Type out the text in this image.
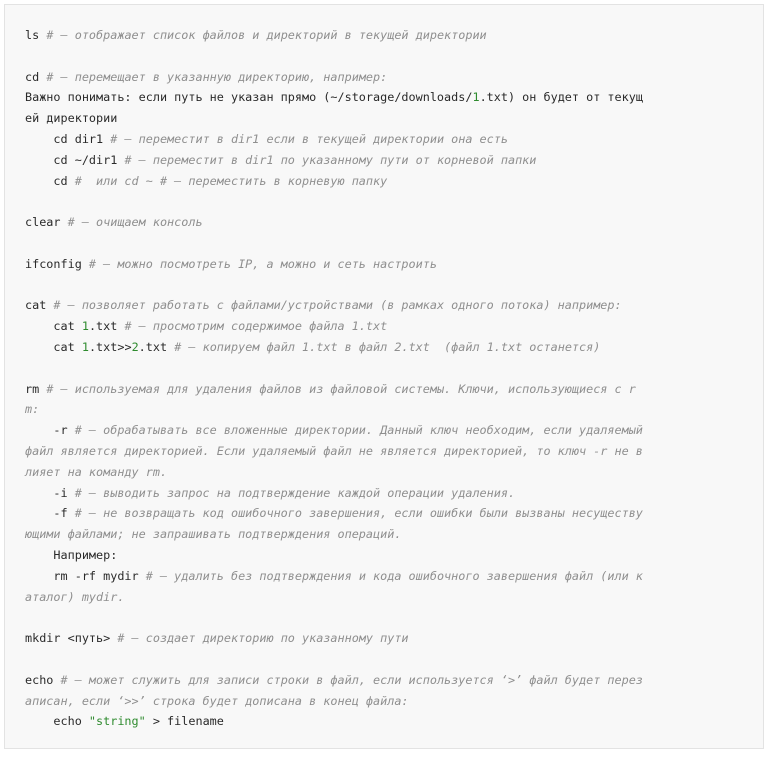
ls # – отображает список файлов и директорий в текущей директории

cd # – перемещает в указанную директорию, например:
Важно понимать: если путь не указан прямо (~/storage/downloads/1.txt) он будет от текущ
ей директории
cd dir1 # – переместит в dir1 если в текущей директории она есть
cd ~/dir1 # – переместит в dir1 по указанному пути от корневой папки
cd #  или cd ~ # – переместить в корневую папку

clear # – очищаем консоль

ifconfig # – можно посмотреть IP, а можно и сеть настроить

cat # – позволяет работать с файлами/устройствами (в рамках одного потока) например:
cat 1.txt # – просмотрим содержимое файла 1.txt
cat 1.txt>>2.txt # – копируем файл 1.txt в файл 2.txt  (файл 1.txt останется)

rm # – используемая для удаления файлов из файловой системы. Ключи, использующиеся с r
m:
-r # – обрабатывать все вложенные директории. Данный ключ необходим, если удаляемый
файл является директорией. Если удаляемый файл не является директорией, то ключ -r не в
лияет на команду rm.
-i # – выводить запрос на подтверждение каждой операции удаления.
-f # – не возвращать код ошибочного завершения, если ошибки были вызваны несуществу
ющими файлами; не запрашивать подтверждения операций.
Например:
rm -rf mydir # – удалить без подтверждения и кода ошибочного завершения файл (или к
аталог) mydir.

mkdir <путь> # – создает директорию по указанному пути

echo # – может служить для записи строки в файл, если используется ‘>’ файл будет перез
аписан, если ‘>>’ строка будет дописана в конец файла:
echo "string" > filename
